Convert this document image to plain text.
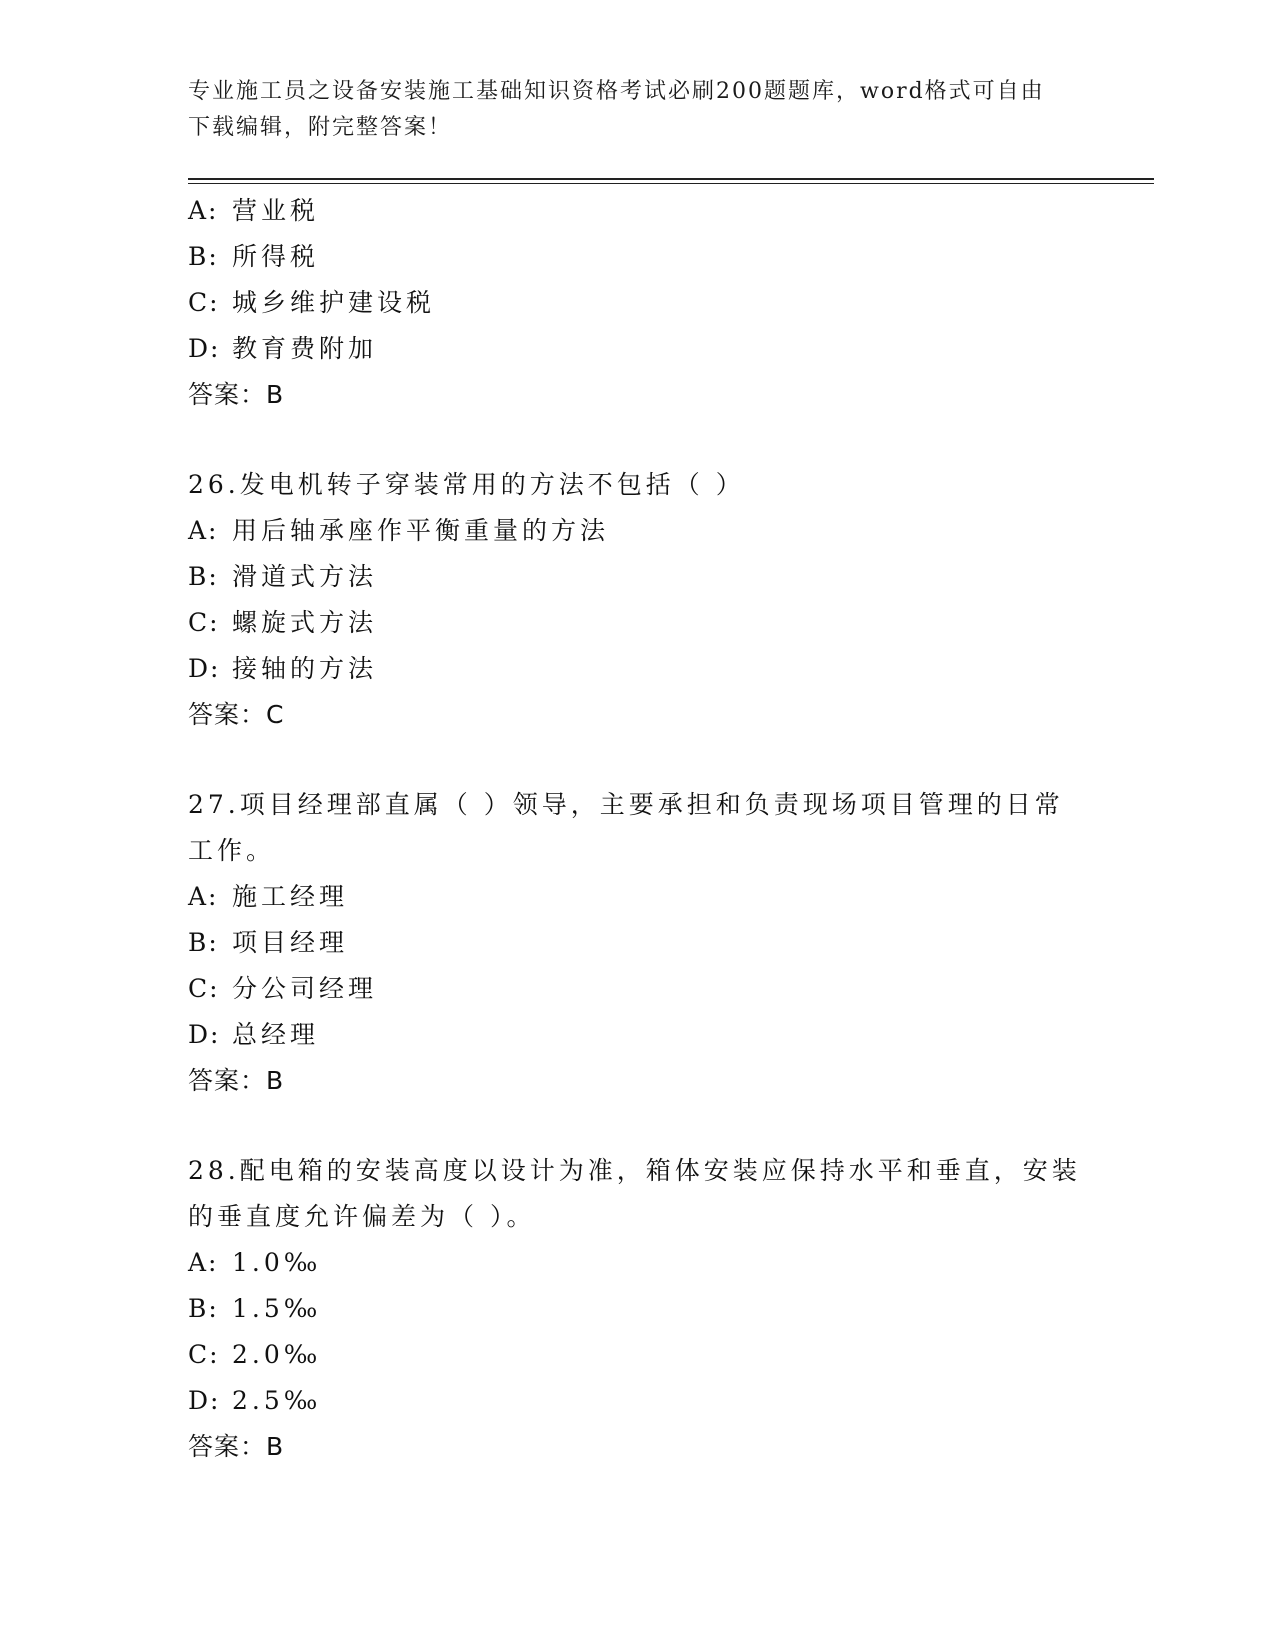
专业施工员之设备安装施工基础知识资格考试必刷200题题库，word格式可自由
下载编辑，附完整答案！

A: 营业税

B: 所得税

C: 城乡维护建设税

D: 教育费附加

答案：B

26.发电机转子穿装常用的方法不包括（ ）

A: 用后轴承座作平衡重量的方法

B: 滑道式方法

C: 螺旋式方法

D: 接轴的方法

答案：C

27.项目经理部直属（ ）领导，主要承担和负责现场项目管理的日常工作。

A: 施工经理

B: 项目经理

C: 分公司经理

D: 总经理

答案：B

28.配电箱的安装高度以设计为准，箱体安装应保持水平和垂直，安装的垂直度允许偏差为（ ）。

A: 1.0‰

B: 1.5‰

C: 2.0‰

D: 2.5‰

答案：B
